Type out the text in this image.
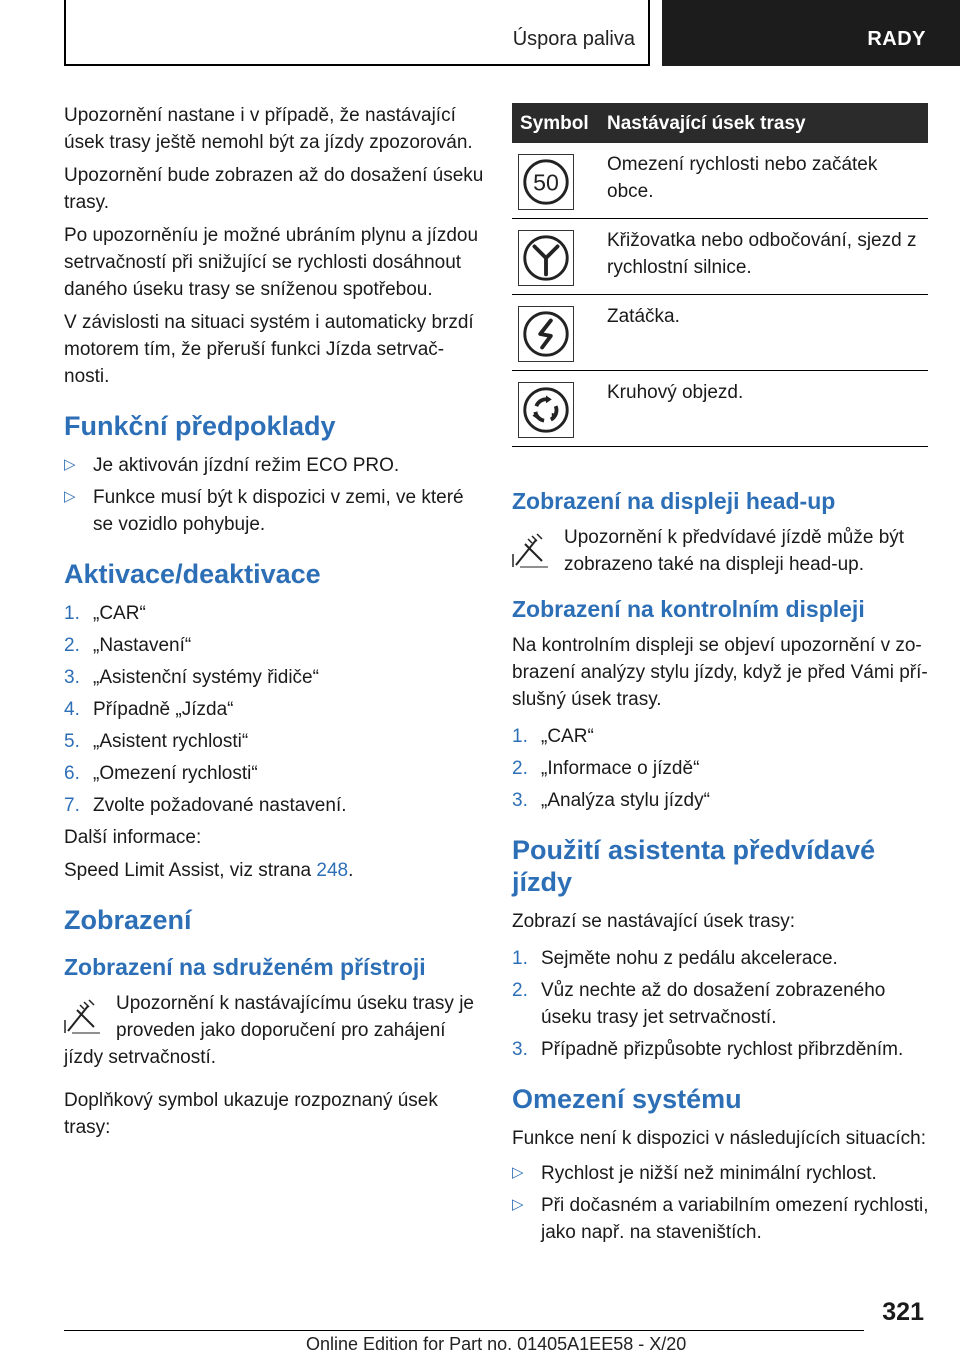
Úspora paliva	RADY

Upozornění nastane i v případě, že nastávající úsek trasy ještě nemohl být za jízdy zpozorován.

Upozornění bude zobrazen až do dosažení úseku trasy.

Po upozorněníu je možné ubráním plynu a jízdou setrvačností při snižující se rychlosti dosáhnout daného úseku trasy se sníženou spotřebou.

V závislosti na situaci systém i automaticky brzdí motorem tím, že přeruší funkci Jízda setrvač‐nosti.

Funkční předpoklady
▷ Je aktivován jízdní režim ECO PRO.
▷ Funkce musí být k dispozici v zemi, ve které se vozidlo pohybuje.
Aktivace/deaktivace
1. „CAR“
2. „Nastavení“
3. „Asistenční systémy řidiče“
4. Případně „Jízda“
5. „Asistent rychlosti“
6. „Omezení rychlosti“
7. Zvolte požadované nastavení.

Další informace:

Speed Limit Assist, viz strana 248.

Zobrazení
Zobrazení na sdruženém přístroji
Upozornění k nastávajícímu úseku trasy je proveden jako doporučení pro zahájení jízdy setrvačností.

Doplňkový symbol ukazuje rozpoznaný úsek trasy:

Symbol Nastávající úsek trasy
50
Omezení rychlosti nebo začátek obce.
Křižovatka nebo odbočování, sjezd z rychlostní silnice.
Zatáčka.
Kruhový objezd.
Zobrazení na displeji head-up
Upozornění k předvídavé jízdě může být zobrazeno také na displeji head-up.
Zobrazení na kontrolním displeji

Na kontrolním displeji se objeví upozornění v zo‐brazení analýzy stylu jízdy, když je před Vámi pří‐slušný úsek trasy.

1. „CAR“
2. „Informace o jízdě“
3. „Analýza stylu jízdy“
Použití asistenta předvídavé jízdy

Zobrazí se nastávající úsek trasy:

1. Sejměte nohu z pedálu akcelerace.
2. Vůz nechte až do dosažení zobrazeného úseku trasy jet setrvačností.
3. Případně přizpůsobte rychlost přibrzděním.
Omezení systému

Funkce není k dispozici v následujících situacích:

▷ Rychlost je nižší než minimální rychlost.
▷ Při dočasném a variabilním omezení rychlosti, jako např. na staveništích.
321
Online Edition for Part no. 01405A1EE58 - X/20
